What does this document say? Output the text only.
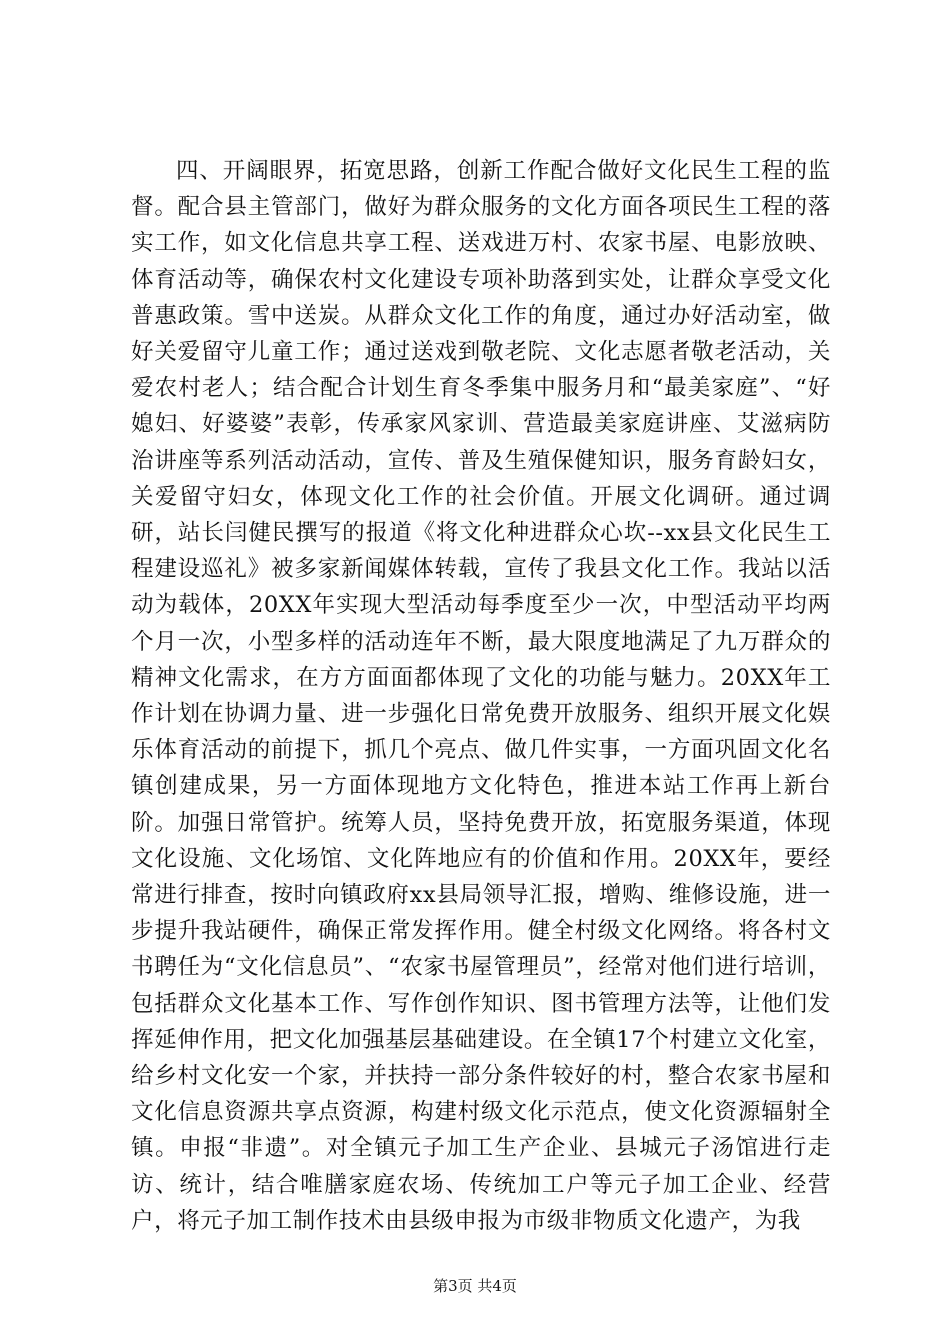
四、开阔眼界，拓宽思路，创新工作配合做好文化民生工程的监督。配合县主管部门，做好为群众服务的文化方面各项民生工程的落实工作，如文化信息共享工程、送戏进万村、农家书屋、电影放映、体育活动等，确保农村文化建设专项补助落到实处，让群众享受文化普惠政策。雪中送炭。从群众文化工作的角度，通过办好活动室，做好关爱留守儿童工作；通过送戏到敬老院、文化志愿者敬老活动，关爱农村老人；结合配合计划生育冬季集中服务月和“最美家庭”、“好媳妇、好婆婆”表彰，传承家风家训、营造最美家庭讲座、艾滋病防治讲座等系列活动活动，宣传、普及生殖保健知识，服务育龄妇女，关爱留守妇女，体现文化工作的社会价值。开展文化调研。通过调研，站长闫健民撰写的报道《将文化种进群众心坎--xx县文化民生工程建设巡礼》被多家新闻媒体转载，宣传了我县文化工作。我站以活动为载体，20XX年实现大型活动每季度至少一次，中型活动平均两个月一次，小型多样的活动连年不断，最大限度地满足了九万群众的精神文化需求，在方方面面都体现了文化的功能与魅力。20XX年工作计划在协调力量、进一步强化日常免费开放服务、组织开展文化娱乐体育活动的前提下，抓几个亮点、做几件实事，一方面巩固文化名镇创建成果，另一方面体现地方文化特色，推进本站工作再上新台阶。加强日常管护。统筹人员，坚持免费开放，拓宽服务渠道，体现文化设施、文化场馆、文化阵地应有的价值和作用。20XX年，要经常进行排查，按时向镇政府xx县局领导汇报，增购、维修设施，进一步提升我站硬件，确保正常发挥作用。健全村级文化网络。将各村文书聘任为“文化信息员”、“农家书屋管理员”，经常对他们进行培训，包括群众文化基本工作、写作创作知识、图书管理方法等，让他们发挥延伸作用，把文化加强基层基础建设。在全镇17个村建立文化室，给乡村文化安一个家，并扶持一部分条件较好的村，整合农家书屋和文化信息资源共享点资源，构建村级文化示范点，使文化资源辐射全镇。申报“非遗”。对全镇元子加工生产企业、县城元子汤馆进行走访、统计，结合唯膳家庭农场、传统加工户等元子加工企业、经营户，将元子加工制作技术由县级申报为市级非物质文化遗产，为我

第3页 共4页
